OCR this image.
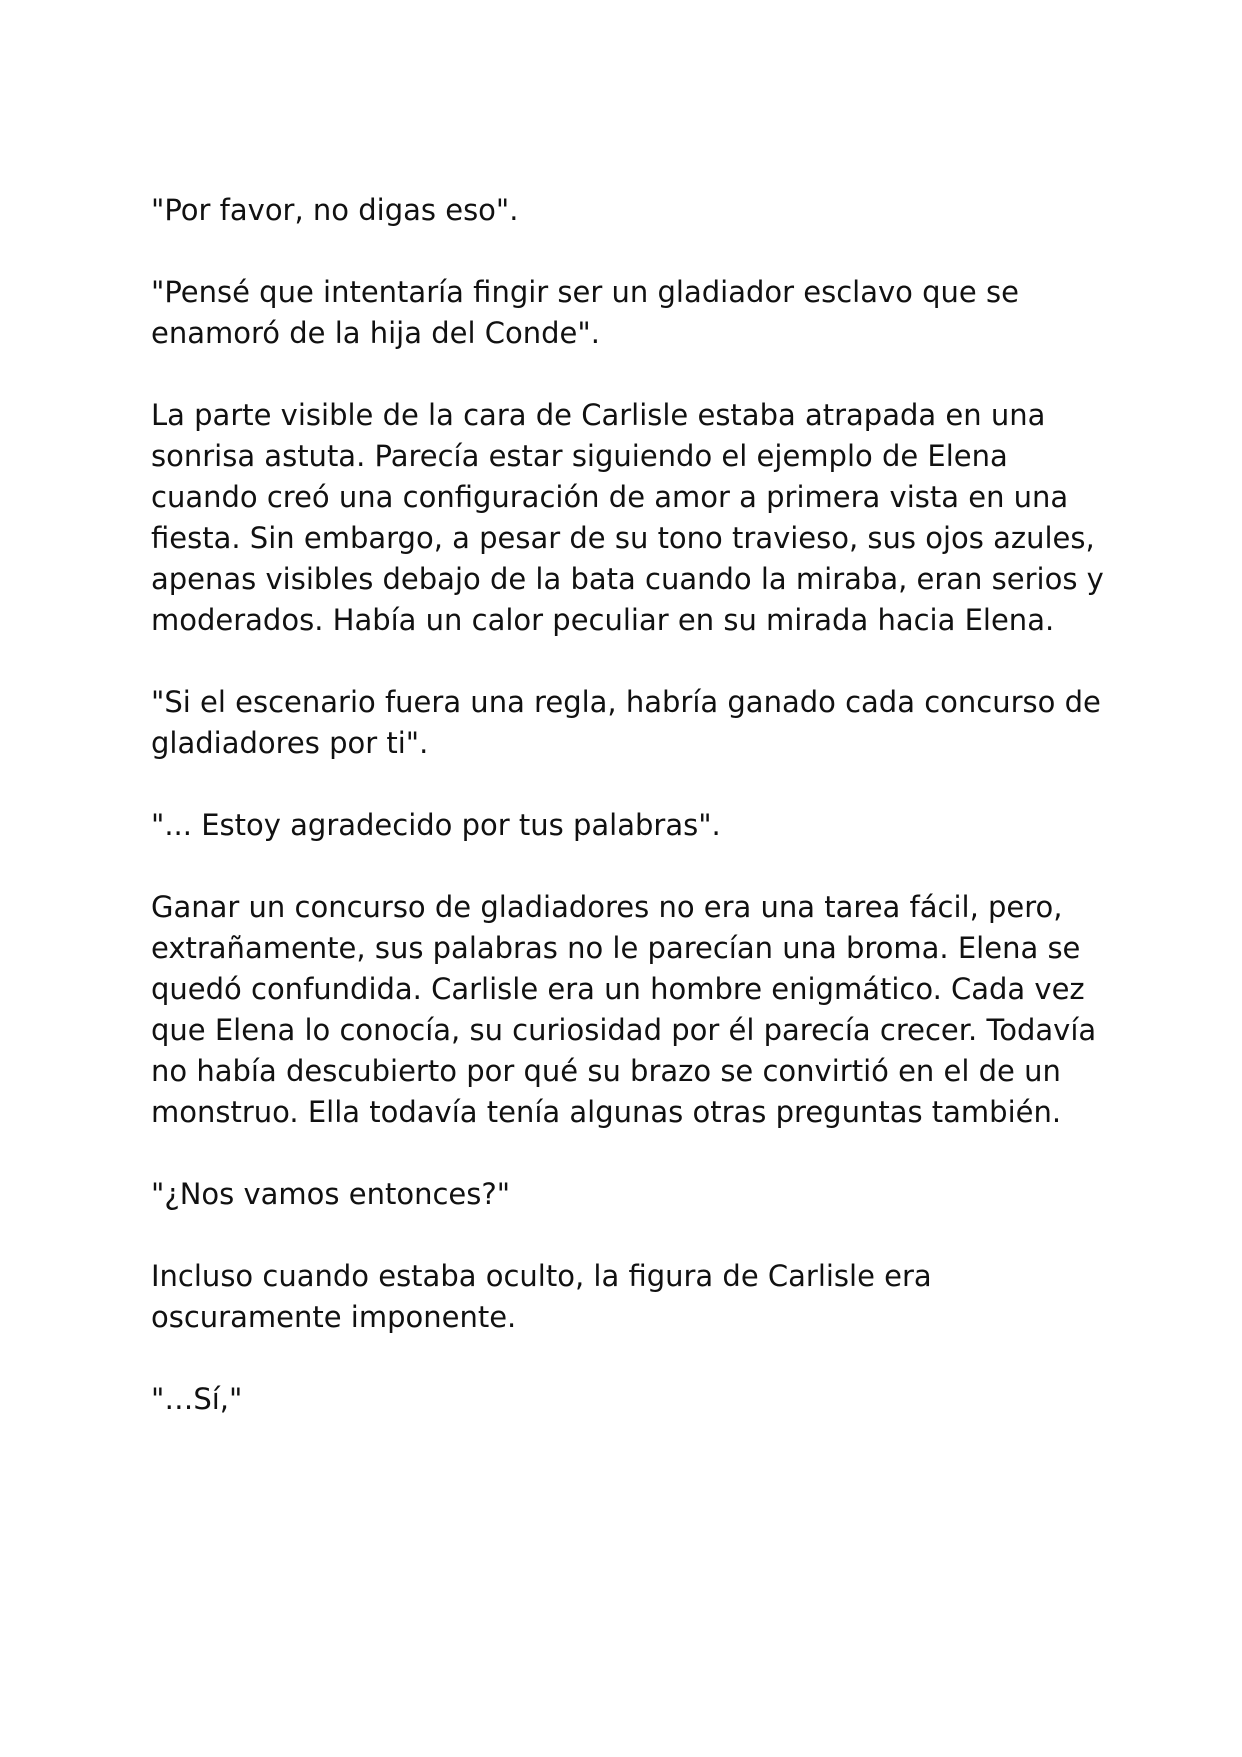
"Por favor, no digas eso".

"Pensé que intentaría fingir ser un gladiador esclavo que se enamoró de la hija del Conde".

La parte visible de la cara de Carlisle estaba atrapada en una sonrisa astuta. Parecía estar siguiendo el ejemplo de Elena cuando creó una configuración de amor a primera vista en una fiesta. Sin embargo, a pesar de su tono travieso, sus ojos azules, apenas visibles debajo de la bata cuando la miraba, eran serios y moderados. Había un calor peculiar en su mirada hacia Elena.

"Si el escenario fuera una regla, habría ganado cada concurso de gladiadores por ti".

"... Estoy agradecido por tus palabras".

Ganar un concurso de gladiadores no era una tarea fácil, pero, extrañamente, sus palabras no le parecían una broma. Elena se quedó confundida. Carlisle era un hombre enigmático. Cada vez que Elena lo conocía, su curiosidad por él parecía crecer. Todavía no había descubierto por qué su brazo se convirtió en el de un monstruo. Ella todavía tenía algunas otras preguntas también.

"¿Nos vamos entonces?"

Incluso cuando estaba oculto, la figura de Carlisle era oscuramente imponente.

"…Sí,"
